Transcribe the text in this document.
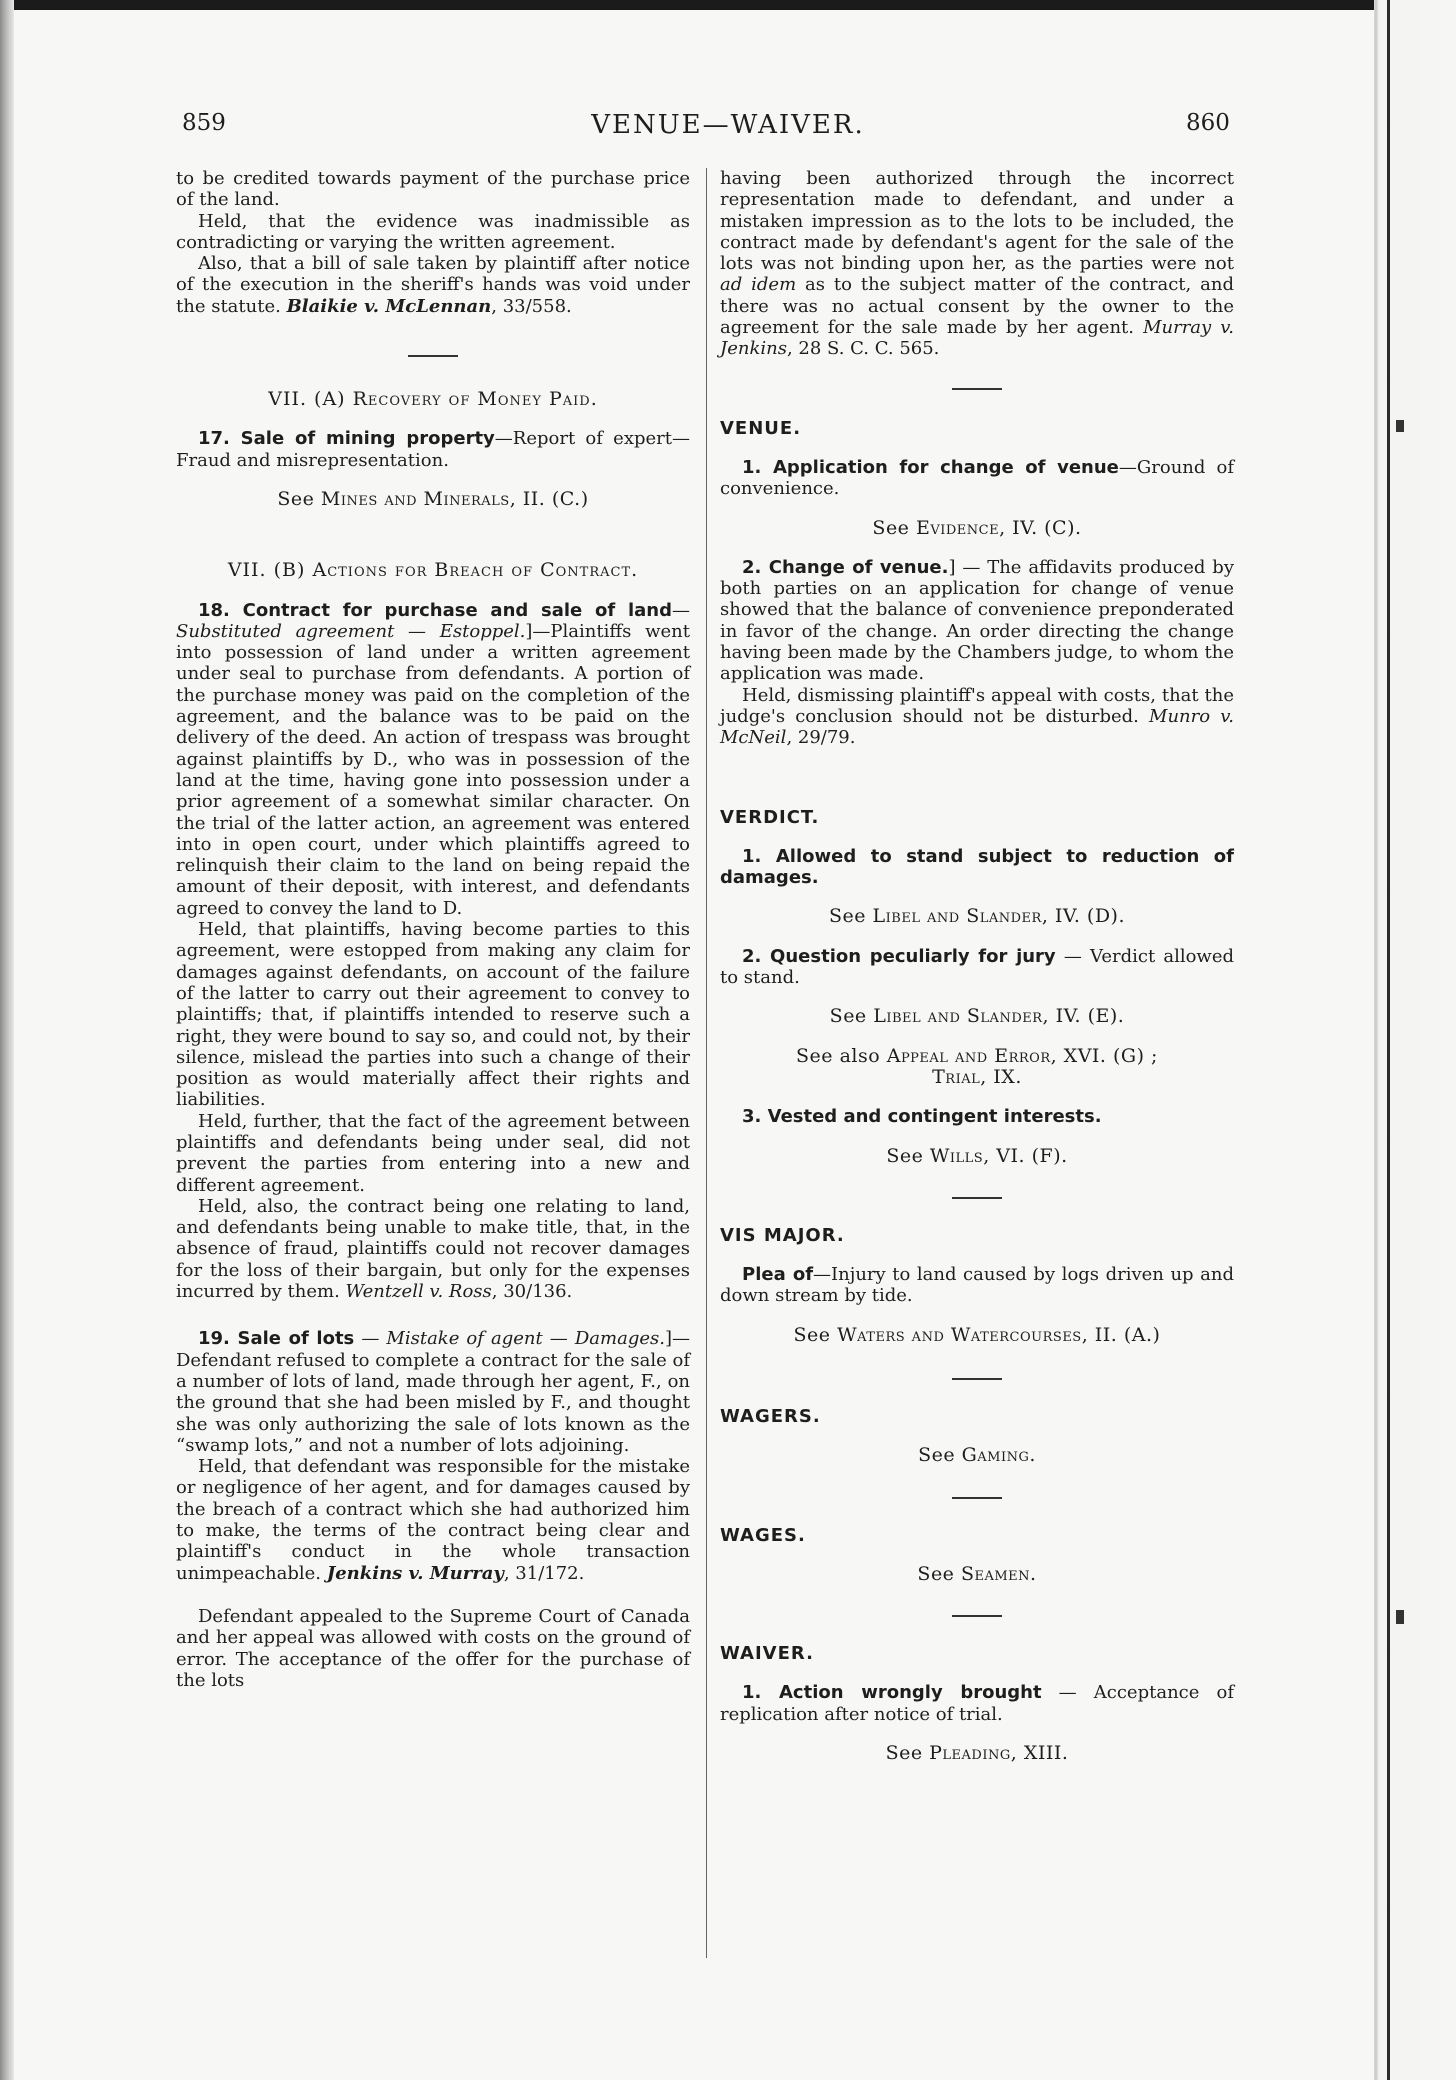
859	VENUE—WAIVER.	860

to be credited towards payment of the purchase price of the land.

Held, that the evidence was inadmissible as contradicting or varying the written agreement.

Also, that a bill of sale taken by plaintiff after notice of the execution in the sheriff's hands was void under the statute. Blaikie v. McLennan, 33/558.

VII. (A) Recovery of Money Paid.

17. Sale of mining property—Report of expert—Fraud and misrepresentation.

See Mines and Minerals, II. (C.)

VII. (B) Actions for Breach of Contract.

18. Contract for purchase and sale of land—Substituted agreement — Estoppel.]—Plaintiffs went into possession of land under a written agreement under seal to purchase from defendants. A portion of the purchase money was paid on the completion of the agreement, and the balance was to be paid on the delivery of the deed. An action of trespass was brought against plaintiffs by D., who was in possession of the land at the time, having gone into possession under a prior agreement of a somewhat similar character. On the trial of the latter action, an agreement was entered into in open court, under which plaintiffs agreed to relinquish their claim to the land on being repaid the amount of their deposit, with interest, and defendants agreed to convey the land to D.

Held, that plaintiffs, having become parties to this agreement, were estopped from making any claim for damages against defendants, on account of the failure of the latter to carry out their agreement to convey to plaintiffs; that, if plaintiffs intended to reserve such a right, they were bound to say so, and could not, by their silence, mislead the parties into such a change of their position as would materially affect their rights and liabilities.

Held, further, that the fact of the agreement between plaintiffs and defendants being under seal, did not prevent the parties from entering into a new and different agreement.

Held, also, the contract being one relating to land, and defendants being unable to make title, that, in the absence of fraud, plaintiffs could not recover damages for the loss of their bargain, but only for the expenses incurred by them. Wentzell v. Ross, 30/136.

19. Sale of lots — Mistake of agent — Damages.]—Defendant refused to complete a contract for the sale of a number of lots of land, made through her agent, F., on the ground that she had been misled by F., and thought she was only authorizing the sale of lots known as the “swamp lots,” and not a number of lots adjoining.

Held, that defendant was responsible for the mistake or negligence of her agent, and for damages caused by the breach of a contract which she had authorized him to make, the terms of the contract being clear and plaintiff's conduct in the whole transaction unimpeachable. Jenkins v. Murray, 31/172.

Defendant appealed to the Supreme Court of Canada and her appeal was allowed with costs on the ground of error. The acceptance of the offer for the purchase of the lots

having been authorized through the incorrect representation made to defendant, and under a mistaken impression as to the lots to be included, the contract made by defendant's agent for the sale of the lots was not binding upon her, as the parties were not ad idem as to the subject matter of the contract, and there was no actual consent by the owner to the agreement for the sale made by her agent. Murray v. Jenkins, 28 S. C. C. 565.

VENUE.

1. Application for change of venue—Ground of convenience.

See Evidence, IV. (C).

2. Change of venue.] — The affidavits produced by both parties on an application for change of venue showed that the balance of convenience preponderated in favor of the change. An order directing the change having been made by the Chambers judge, to whom the application was made.

Held, dismissing plaintiff's appeal with costs, that the judge's conclusion should not be disturbed. Munro v. McNeil, 29/79.

VERDICT.

1. Allowed to stand subject to reduction of damages.

See Libel and Slander, IV. (D).

2. Question peculiarly for jury — Verdict allowed to stand.

See Libel and Slander, IV. (E).

See also Appeal and Error, XVI. (G) ;
Trial, IX.

3. Vested and contingent interests.

See Wills, VI. (F).

VIS MAJOR.

Plea of—Injury to land caused by logs driven up and down stream by tide.

See Waters and Watercourses, II. (A.)

WAGERS.

See Gaming.

WAGES.

See Seamen.

WAIVER.

1. Action wrongly brought — Acceptance of replication after notice of trial.

See Pleading, XIII.
